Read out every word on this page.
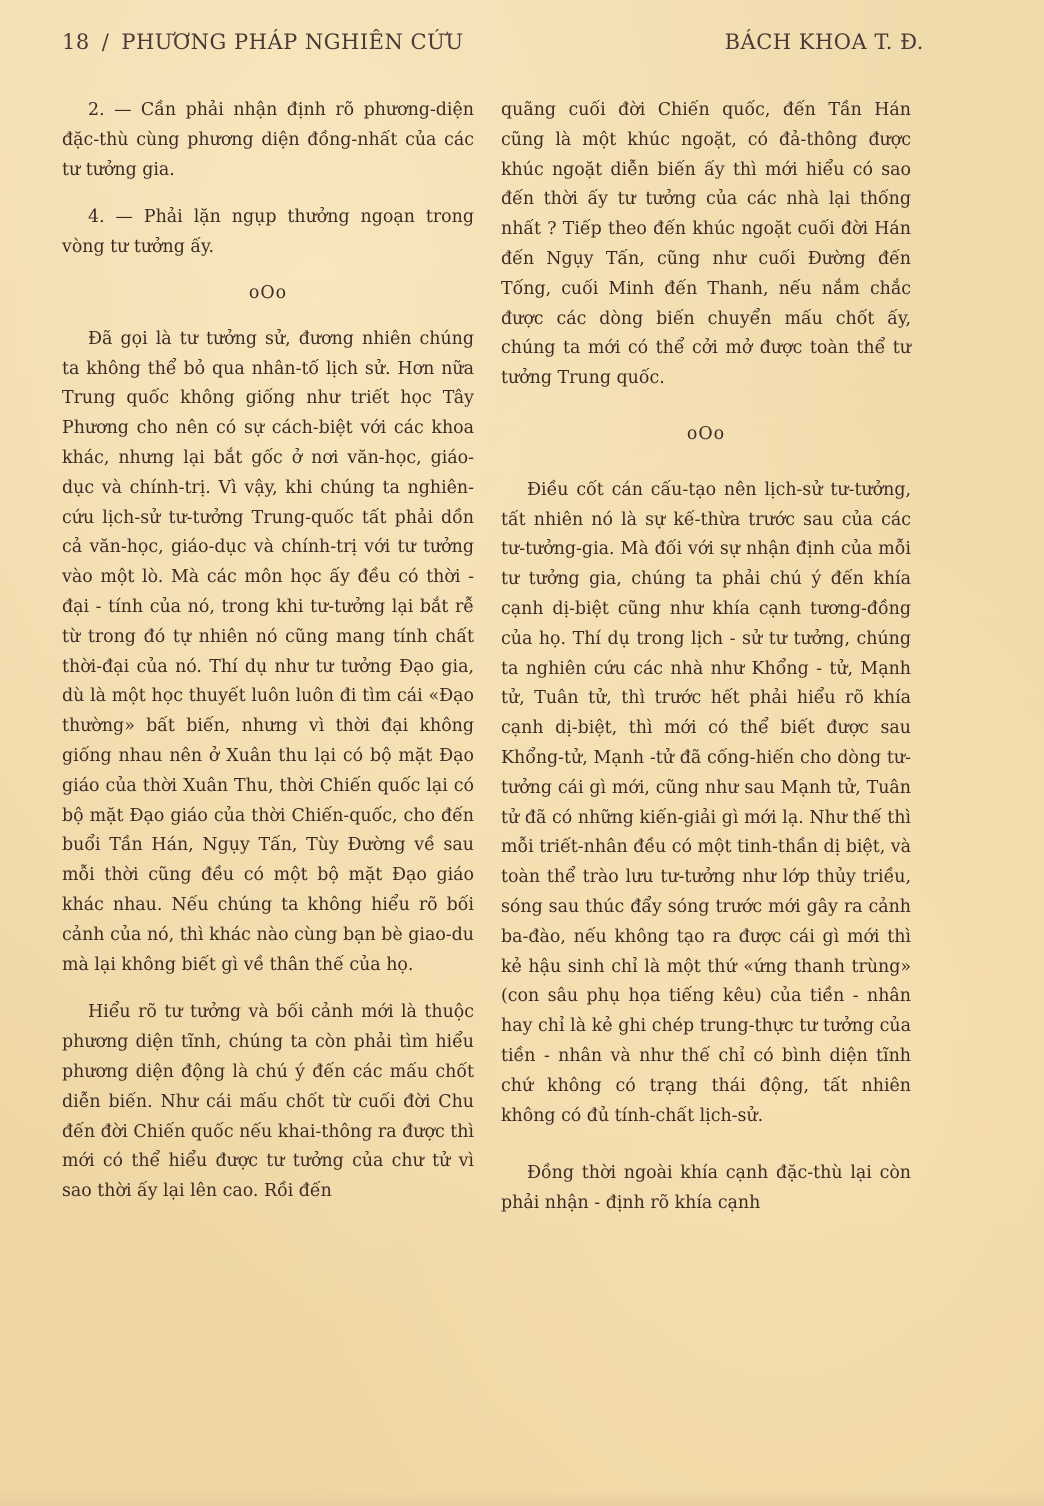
18 / PHƯƠNG PHÁP NGHIÊN CỨU	BÁCH KHOA T. Đ.

2. — Cần phải nhận định rõ phương-diện đặc-thù cùng phương diện đồng-nhất của các tư tưởng gia.

4. — Phải lặn ngụp thưởng ngoạn trong vòng tư tưởng ấy.

oOo

Đã gọi là tư tưởng sử, đương nhiên chúng ta không thể bỏ qua nhân-tố lịch sử. Hơn nữa Trung quốc không giống như triết học Tây Phương cho nên có sự cách-biệt với các khoa khác, nhưng lại bắt gốc ở nơi văn-học, giáo-dục và chính-trị. Vì vậy, khi chúng ta nghiên-cứu lịch-sử tư-tưởng Trung-quốc tất phải dồn cả văn-học, giáo-dục và chính-trị với tư tưởng vào một lò. Mà các môn học ấy đều có thời - đại - tính của nó, trong khi tư-tưởng lại bắt rễ từ trong đó tự nhiên nó cũng mang tính chất thời-đại của nó. Thí dụ như tư tưởng Đạo gia, dù là một học thuyết luôn luôn đi tìm cái «Đạo thường» bất biến, nhưng vì thời đại không giống nhau nên ở Xuân thu lại có bộ mặt Đạo giáo của thời Xuân Thu, thời Chiến quốc lại có bộ mặt Đạo giáo của thời Chiến-quốc, cho đến buổi Tần Hán, Ngụy Tấn, Tùy Đường về sau mỗi thời cũng đều có một bộ mặt Đạo giáo khác nhau. Nếu chúng ta không hiểu rõ bối cảnh của nó, thì khác nào cùng bạn bè giao-du mà lại không biết gì về thân thế của họ.

Hiểu rõ tư tưởng và bối cảnh mới là thuộc phương diện tĩnh, chúng ta còn phải tìm hiểu phương diện động là chú ý đến các mấu chốt diễn biến. Như cái mấu chốt từ cuối đời Chu đến đời Chiến quốc nếu khai-thông ra được thì mới có thể hiểu được tư tưởng của chư tử vì sao thời ấy lại lên cao. Rồi đến

quãng cuối đời Chiến quốc, đến Tần Hán cũng là một khúc ngoặt, có đả-thông được khúc ngoặt diễn biến ấy thì mới hiểu có sao đến thời ấy tư tưởng của các nhà lại thống nhất ? Tiếp theo đến khúc ngoặt cuối đời Hán đến Ngụy Tấn, cũng như cuối Đường đến Tống, cuối Minh đến Thanh, nếu nắm chắc được các dòng biến chuyển mấu chốt ấy, chúng ta mới có thể cởi mở được toàn thể tư tưởng Trung quốc.

oOo

Điều cốt cán cấu-tạo nên lịch-sử tư-tưởng, tất nhiên nó là sự kế-thừa trước sau của các tư-tưởng-gia. Mà đối với sự nhận định của mỗi tư tưởng gia, chúng ta phải chú ý đến khía cạnh dị-biệt cũng như khía cạnh tương-đồng của họ. Thí dụ trong lịch - sử tư tưởng, chúng ta nghiên cứu các nhà như Khổng - tử, Mạnh tử, Tuân tử, thì trước hết phải hiểu rõ khía cạnh dị-biệt, thì mới có thể biết được sau Khổng-tử, Mạnh -tử đã cống-hiến cho dòng tư-tưởng cái gì mới, cũng như sau Mạnh tử, Tuân tử đã có những kiến-giải gì mới lạ. Như thế thì mỗi triết-nhân đều có một tinh-thần dị biệt, và toàn thể trào lưu tư-tưởng như lớp thủy triều, sóng sau thúc đẩy sóng trước mới gây ra cảnh ba-đào, nếu không tạo ra được cái gì mới thì kẻ hậu sinh chỉ là một thứ «ứng thanh trùng» (con sâu phụ họa tiếng kêu) của tiền - nhân hay chỉ là kẻ ghi chép trung-thực tư tưởng của tiền - nhân và như thế chỉ có bình diện tĩnh chứ không có trạng thái động, tất nhiên không có đủ tính-chất lịch-sử.

Đồng thời ngoài khía cạnh đặc-thù lại còn phải nhận - định rõ khía cạnh
